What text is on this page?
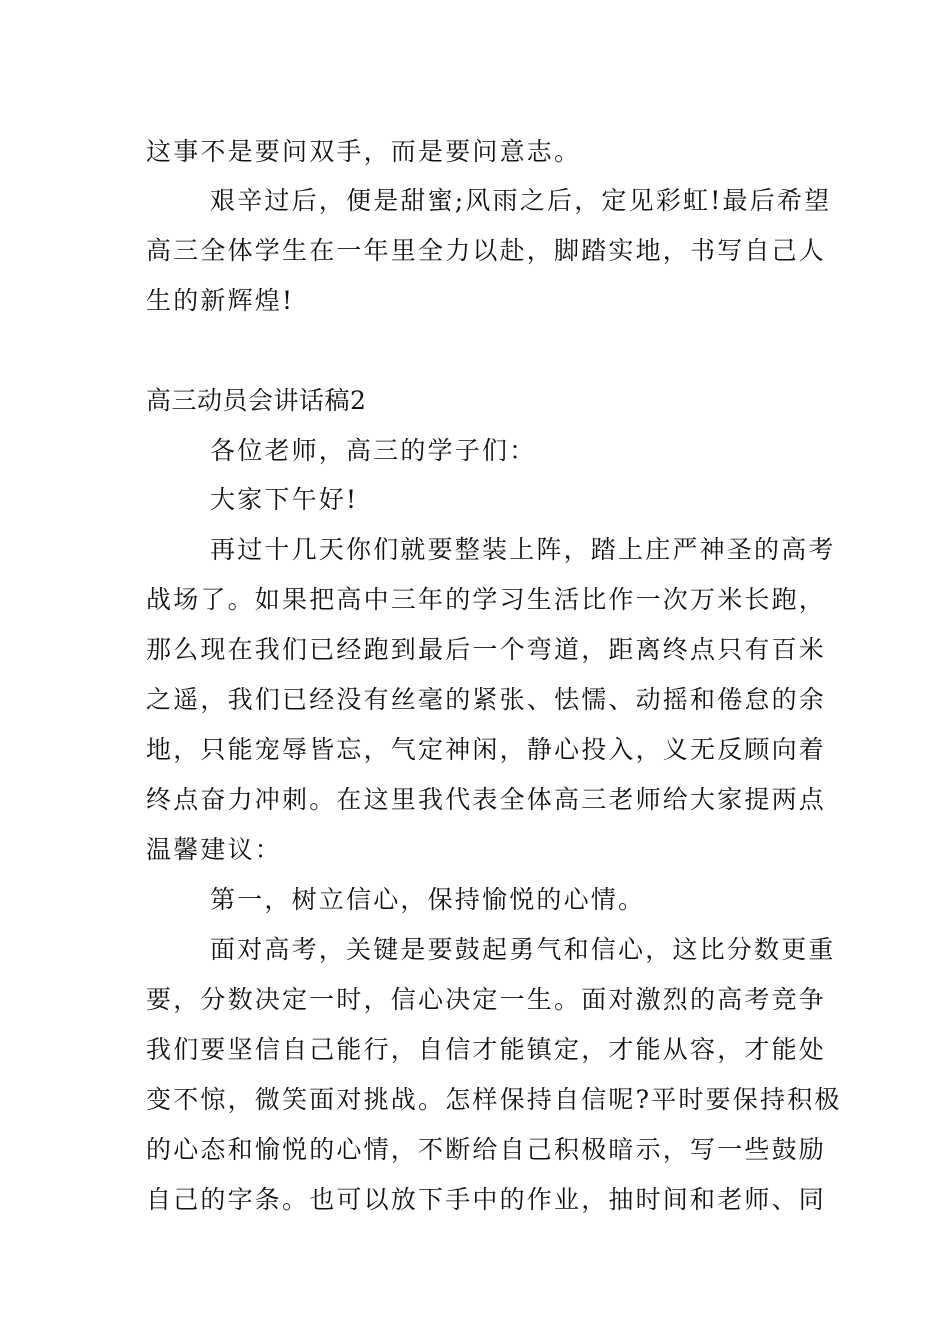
这事不是要问双手，而是要问意志。
艰辛过后，便是甜蜜;风雨之后，定见彩虹!最后希望
高三全体学生在一年里全力以赴，脚踏实地，书写自己人
生的新辉煌!
高三动员会讲话稿2
各位老师，高三的学子们：
大家下午好!
再过十几天你们就要整装上阵，踏上庄严神圣的高考
战场了。如果把高中三年的学习生活比作一次万米长跑，
那么现在我们已经跑到最后一个弯道，距离终点只有百米
之遥，我们已经没有丝毫的紧张、怯懦、动摇和倦怠的余
地，只能宠辱皆忘，气定神闲，静心投入，义无反顾向着
终点奋力冲刺。在这里我代表全体高三老师给大家提两点
温馨建议：
第一，树立信心，保持愉悦的心情。
面对高考，关键是要鼓起勇气和信心，这比分数更重
要，分数决定一时，信心决定一生。面对激烈的高考竞争
我们要坚信自己能行，自信才能镇定，才能从容，才能处
变不惊，微笑面对挑战。怎样保持自信呢?平时要保持积极
的心态和愉悦的心情，不断给自己积极暗示，写一些鼓励
自己的字条。也可以放下手中的作业，抽时间和老师、同
